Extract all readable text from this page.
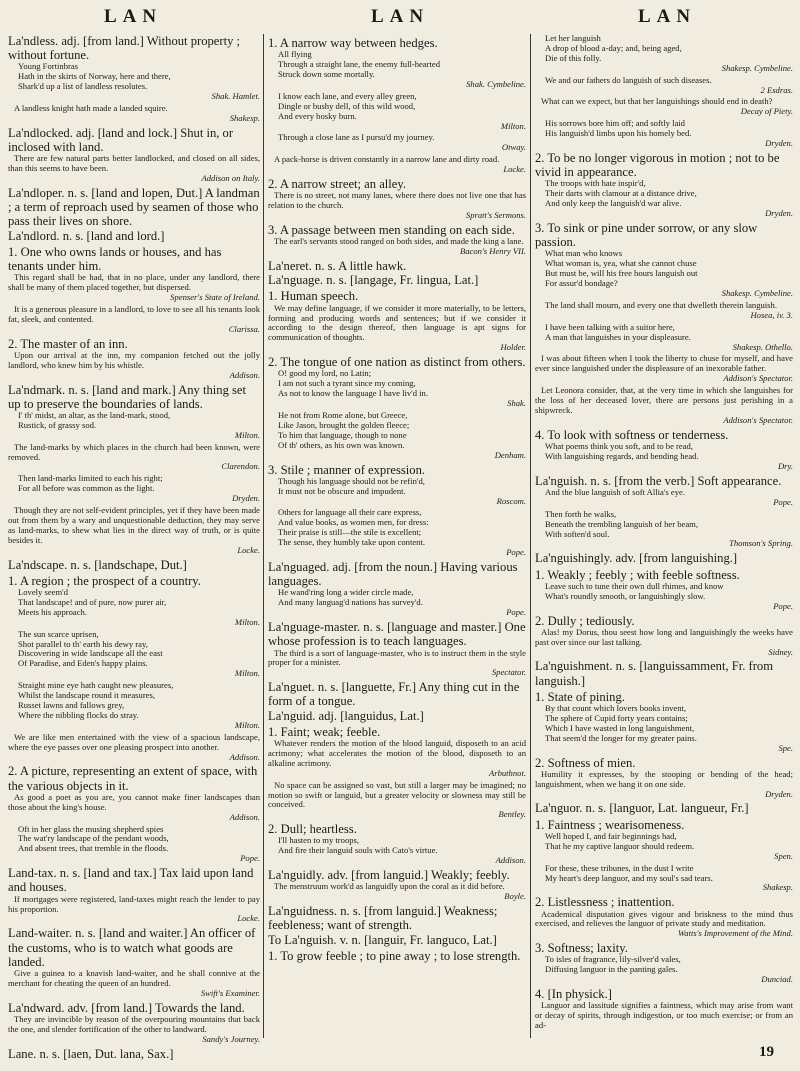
LAN	LAN	LAN

La'ndless. adj. [from land.] Without property ; without fortune.

Young Fortinbras

Hath in the skirts of Norway, here and there,

Shark'd up a list of landless resolutes.

Shak. Hamlet.

A landless knight hath made a landed squire.

Shakesp.

La'ndlocked. adj. [land and lock.] Shut in, or inclosed with land.

There are few natural parts better landlocked, and closed on all sides, than this seems to have been.

Addison on Italy.

La'ndloper. n. s. [land and lopen, Dut.] A landman ; a term of reproach used by seamen of those who pass their lives on shore.

La'ndlord. n. s. [land and lord.]

1. One who owns lands or houses, and has tenants under him.

This regard shall be had, that in no place, under any landlord, there shall be many of them placed together, but dispersed.

Spenser's State of Ireland.

It is a generous pleasure in a landlord, to love to see all his tenants look fat, sleek, and contented.

Clarissa.

2. The master of an inn.

Upon our arrival at the inn, my companion fetched out the jolly landlord, who knew him by his whistle.

Addison.

La'ndmark. n. s. [land and mark.] Any thing set up to preserve the boundaries of lands.

I' th' midst, an altar, as the land-mark, stood,

Rustick, of grassy sod.

Milton.

The land-marks by which places in the church had been known, were removed.

Clarendon.

Then land-marks limited to each his right;

For all before was common as the light.

Dryden.

Though they are not self-evident principles, yet if they have been made out from them by a wary and unquestionable deduction, they may serve as land-marks, to shew what lies in the direct way of truth, or is quite besides it.

Locke.

La'ndscape. n. s. [landschape, Dut.]

1. A region ; the prospect of a country.

Lovely seem'd

That landscape! and of pure, now purer air,

Meets his approach.

Milton.

The sun scarce uprisen,

Shot parallel to th' earth his dewy ray,

Discovering in wide landscape all the east

Of Paradise, and Eden's happy plains.

Milton.

Straight mine eye hath caught new pleasures,

Whilst the landscape round it measures,

Russet lawns and fallows grey,

Where the nibbling flocks do stray.

Milton.

We are like men entertained with the view of a spacious landscape, where the eye passes over one pleasing prospect into another.

Addison.

2. A picture, representing an extent of space, with the various objects in it.

As good a poet as you are, you cannot make finer landscapes than those about the king's house.

Addison.

Oft in her glass the musing shepherd spies

The wat'ry landscape of the pendant woods,

And absent trees, that tremble in the floods.

Pope.

Land-tax. n. s. [land and tax.] Tax laid upon land and houses.

If mortgages were registered, land-taxes might reach the lender to pay his proportion.

Locke.

Land-waiter. n. s. [land and waiter.] An officer of the customs, who is to watch what goods are landed.

Give a guinea to a knavish land-waiter, and he shall connive at the merchant for cheating the queen of an hundred.

Swift's Examiner.

La'ndward. adv. [from land.] Towards the land.

They are invincible by reason of the overpouring mountains that back the one, and slender fortification of the other to landward.

Sandy's Journey.

Lane. n. s. [laen, Dut. lana, Sax.]

1. A narrow way between hedges.

All flying

Through a straight lane, the enemy full-hearted

Struck down some mortally.

Shak. Cymbeline.

I know each lane, and every alley green,

Dingle or bushy dell, of this wild wood,

And every bosky burn.

Milton.

Through a close lane as I pursu'd my journey.

Otway.

A pack-horse is driven constantly in a narrow lane and dirty road.

Locke.

2. A narrow street; an alley.

There is no street, not many lanes, where there does not live one that has relation to the church.

Spratt's Sermons.

3. A passage between men standing on each side.

The earl's servants stood ranged on both sides, and made the king a lane.

Bacon's Henry VII.

La'neret. n. s. A little hawk.

La'nguage. n. s. [langage, Fr. lingua, Lat.]

1. Human speech.

We may define language, if we consider it more materially, to be letters, forming and producing words and sentences; but if we consider it according to the design thereof, then language is apt signs for communication of thoughts.

Holder.

2. The tongue of one nation as distinct from others.

O! good my lord, no Latin;

I am not such a tyrant since my coming,

As not to know the language I have liv'd in.

Shak.

He not from Rome alone, but Greece,

Like Jason, brought the golden fleece;

To him that language, though to none

Of th' others, as his own was known.

Denham.

3. Stile ; manner of expression.

Though his language should not be refin'd,

It must not be obscure and impudent.

Roscom.

Others for language all their care express,

And value books, as women men, for dress:

Their praise is still—the stile is excellent;

The sense, they humbly take upon content.

Pope.

La'nguaged. adj. [from the noun.] Having various languages.

He wand'ring long a wider circle made,

And many languag'd nations has survey'd.

Pope.

La'nguage-master. n. s. [language and master.] One whose profession is to teach languages.

The third is a sort of language-master, who is to instruct them in the style proper for a minister.

Spectator.

La'nguet. n. s. [languette, Fr.] Any thing cut in the form of a tongue.

La'nguid. adj. [languidus, Lat.]

1. Faint; weak; feeble.

Whatever renders the motion of the blood languid, disposeth to an acid acrimony; what accelerates the motion of the blood, disposeth to an alkaline acrimony.

Arbuthnot.

No space can be assigned so vast, but still a larger may be imagined; no motion so swift or languid, but a greater velocity or slowness may still be conceived.

Bentley.

2. Dull; heartless.

I'll hasten to my troops,

And fire their languid souls with Cato's virtue.

Addison.

La'nguidly. adv. [from languid.] Weakly; feebly.

The menstruum work'd as languidly upon the coral as it did before.

Boyle.

La'nguidness. n. s. [from languid.] Weakness; feebleness; want of strength.

To La'nguish. v. n. [languir, Fr. languco, Lat.]

1. To grow feeble ; to pine away ; to lose strength.

Let her languish

A drop of blood a-day; and, being aged,

Die of this folly.

Shakesp. Cymbeline.

We and our fathers do languish of such diseases.

2 Esdras.

What can we expect, but that her languishings should end in death?

Decay of Piety.

His sorrows bore him off; and softly laid

His languish'd limbs upon his homely bed.

Dryden.

2. To be no longer vigorous in motion ; not to be vivid in appearance.

The troops with hate inspir'd,

Their darts with clamour at a distance drive,

And only keep the languish'd war alive.

Dryden.

3. To sink or pine under sorrow, or any slow passion.

What man who knows

What woman is, yea, what she cannot chuse

But must be, will his free hours languish out

For assur'd bondage?

Shakesp. Cymbeline.

The land shall mourn, and every one that dwelleth therein languish.

Hosea, iv. 3.

I have been talking with a suitor here,

A man that languishes in your displeasure.

Shakesp. Othello.

I was about fifteen when I took the liberty to chuse for myself, and have ever since languished under the displeasure of an inexorable father.

Addison's Spectator.

Let Leonora consider, that, at the very time in which she languishes for the loss of her deceased lover, there are persons just perishing in a shipwreck.

Addison's Spectator.

4. To look with softness or tenderness.

What poems think you soft, and to be read,

With languishing regards, and bending head.

Dry.

La'nguish. n. s. [from the verb.] Soft appearance.

And the blue languish of soft Allia's eye.

Pope.

Then forth he walks,

Beneath the trembling languish of her beam,

With soften'd soul.

Thomson's Spring.

La'nguishingly. adv. [from languishing.]

1. Weakly ; feebly ; with feeble softness.

Leave such to tune their own dull rhimes, and know

What's roundly smooth, or languishingly slow.

Pope.

2. Dully ; tediously.

Alas! my Dorus, thou seest how long and languishingly the weeks have past over since our last talking.

Sidney.

La'nguishment. n. s. [languissamment, Fr. from languish.]

1. State of pining.

By that count which lovers books invent,

The sphere of Cupid forty years contains;

Which I have wasted in long languishment,

That seem'd the longer for my greater pains.

Spe.

2. Softness of mien.

Humility it expresses, by the stooping or bending of the head; languishment, when we hang it on one side.

Dryden.

La'nguor. n. s. [languor, Lat. langueur, Fr.]

1. Faintness ; wearisomeness.

Well hoped I, and fair beginnings had,

That he my captive languor should redeem.

Spen.

For these, these tribunes, in the dust I write

My heart's deep languor, and my soul's sad tears.

Shakesp.

2. Listlessness ; inattention.

Academical disputation gives vigour and briskness to the mind thus exercised, and relieves the languor of private study and meditation.

Watts's Improvement of the Mind.

3. Softness; laxity.

To isles of fragrance, lily-silver'd vales,

Diffusing languor in the panting gales.

Dunciad.

4. [In physick.]

Languor and lassitude signifies a faintness, which may arise from want or decay of spirits, through indigestion, or too much exercise; or from an ad-

19
